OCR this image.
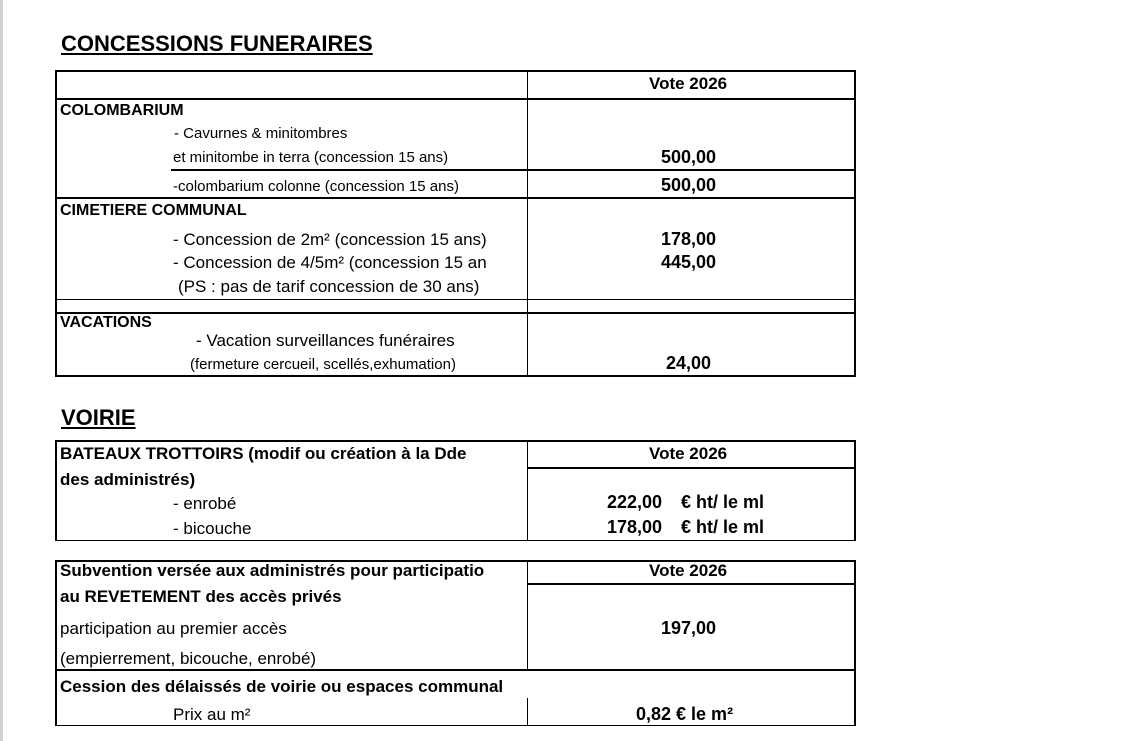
CONCESSIONS FUNERAIRES
Vote 2026
COLOMBARIUM
- Cavurnes & minitombres
et minitombe in terra (concession 15 ans)	500,00
-colombarium colonne (concession 15 ans)	500,00
CIMETIERE COMMUNAL
- Concession de 2m² (concession 15 ans)	178,00
- Concession de 4/5m² (concession 15 an	445,00
(PS : pas de tarif concession de 30 ans)
VACATIONS
- Vacation surveillances funéraires
(fermeture cercueil, scellés,exhumation)	24,00
VOIRIE
BATEAUX TROTTOIRS (modif ou création à la Dde
des administrés)
Vote 2026
- enrobé	222,00 € ht/ le ml
- bicouche	178,00 € ht/ le ml
Subvention versée aux administrés pour participatio
au REVETEMENT des accès privés
Vote 2026
participation au premier accès	197,00
(empierrement, bicouche, enrobé)
Cession des délaissés de voirie ou espaces communal
Prix au m²	0,82 € le m²
